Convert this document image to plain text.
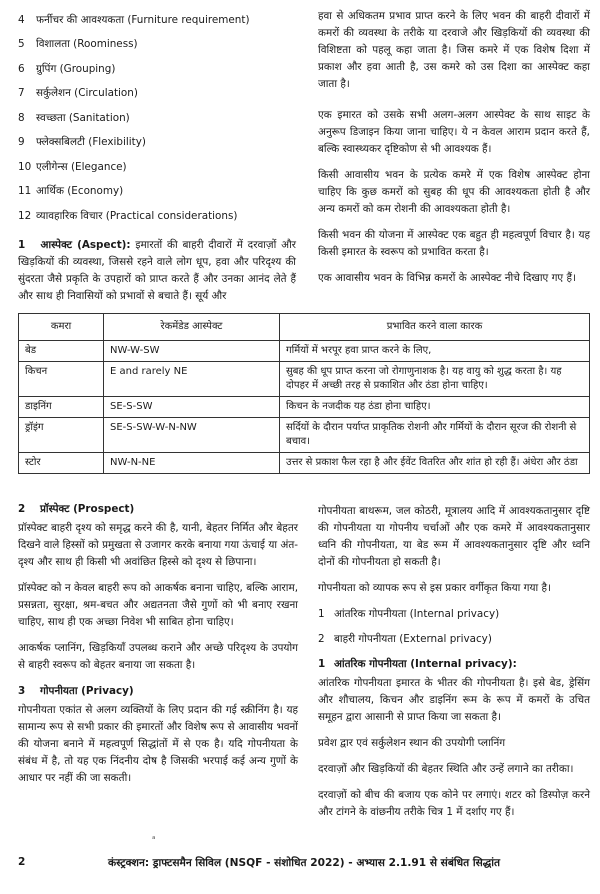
4	फर्नीचर की आवश्यकता (Furniture requirement)
5	विशालता (Roominess)
6	ग्रुपिंग (Grouping)
7	सर्कुलेशन (Circulation)
8	स्वच्छता (Sanitation)
9	फ्लेक्सबिलटी (Flexibility)
10 एलीगेन्स (Elegance)
11 आर्थिक (Economy)
12 व्यावहारिक विचार (Practical considerations)

1 आस्पेक्ट (Aspect): इमारतों की बाहरी दीवारों में दरवाज़ों और खिड़कियों की व्यवस्था, जिससे रहने वाले लोग धूप, हवा और परिदृश्य की सुंदरता जैसे प्रकृति के उपहारों को प्राप्त करते हैं और उनका आनंद लेते हैं और साथ ही निवासियों को प्रभावों से बचाते हैं। सूर्य और

हवा से अधिकतम प्रभाव प्राप्त करने के लिए भवन की बाहरी दीवारों में कमरों की व्यवस्था के तरीके या दरवाजे और खिड़कियों की व्यवस्था की विशिष्टता को पहलू कहा जाता है। जिस कमरे में एक विशेष दिशा में प्रकाश और हवा आती है, उस कमरे को उस दिशा का आस्पेक्ट कहा जाता है।

एक इमारत को उसके सभी अलग-अलग आस्पेक्ट के साथ साइट के अनुरूप डिजाइन किया जाना चाहिए। ये न केवल आराम प्रदान करते हैं, बल्कि स्वास्थ्यकर दृष्टिकोण से भी आवश्यक हैं।

किसी आवासीय भवन के प्रत्येक कमरे में एक विशेष आस्पेक्ट होना चाहिए कि कुछ कमरों को सुबह की धूप की आवश्यकता होती है और अन्य कमरों को कम रोशनी की आवश्यकता होती है।

किसी भवन की योजना में आस्पेक्ट एक बहुत ही महत्वपूर्ण विचार है। यह किसी इमारत के स्वरूप को प्रभावित करता है।

एक आवासीय भवन के विभिन्न कमरों के आस्पेक्ट नीचे दिखाए गए हैं।

कमरा	रेकमेंडेड आस्पेक्ट	प्रभावित करने वाला कारक
बेड	NW-W-SW	गर्मियों में भरपूर हवा प्राप्त करने के लिए,
किचन	E and rarely NE	सुबह की धूप प्राप्त करना जो रोगाणुनाशक है। यह वायु को शुद्ध करता है। यह दोपहर में अच्छी तरह से प्रकाशित और ठंडा होना चाहिए।
डाइनिंग	SE-S-SW	किचन के नजदीक यह ठंडा होना चाहिए।
ड्रॉइंग	SE-S-SW-W-N-NW	सर्दियों के दौरान पर्याप्त प्राकृतिक रोशनी और गर्मियों के दौरान सूरज की रोशनी से बचाव।
स्टोर	NW-N-NE	उत्तर से प्रकाश फैल रहा है और ईवेंट वितरित और शांत हो रही हैं। अंधेरा और ठंडा
2	प्रॉस्पेक्ट (Prospect)

प्रॉस्पेक्ट बाहरी दृश्य को समृद्ध करने की है, यानी, बेहतर निर्मित और बेहतर दिखने वाले हिस्सों को प्रमुखता से उजागर करके बनाया गया ऊंचाई या अंत-दृश्य और साथ ही किसी भी अवांछित हिस्से को दृश्य से छिपाना।

प्रॉस्पेक्ट को न केवल बाहरी रूप को आकर्षक बनाना चाहिए, बल्कि आराम, प्रसन्नता, सुरक्षा, श्रम-बचत और अद्यतनता जैसे गुणों को भी बनाए रखना चाहिए, साथ ही एक अच्छा निवेश भी साबित होना चाहिए।

आकर्षक प्लानिंग, खिड़कियाँ उपलब्ध कराने और अच्छे परिदृश्य के उपयोग से बाहरी स्वरूप को बेहतर बनाया जा सकता है।

3	गोपनीयता (Privacy)

गोपनीयता एकांत से अलग व्यक्तियों के लिए प्रदान की गई स्क्रीनिंग है। यह सामान्य रूप से सभी प्रकार की इमारतों और विशेष रूप से आवासीय भवनों की योजना बनाने में महत्वपूर्ण सिद्धांतों में से एक है। यदि गोपनीयता के संबंध में है, तो यह एक निंदनीय दोष है जिसकी भरपाई कई अन्य गुणों के आधार पर नहीं की जा सकती।

गोपनीयता बाथरूम, जल कोठरी, मूत्रालय आदि में आवश्यकतानुसार दृष्टि की गोपनीयता या गोपनीय चर्चाओं और एक कमरे में आवश्यकतानुसार ध्वनि की गोपनीयता, या बेड रूम में आवश्यकतानुसार दृष्टि और ध्वनि दोनों की गोपनीयता हो सकती है।

गोपनीयता को व्यापक रूप से इस प्रकार वर्गीकृत किया गया है।

1 आंतरिक गोपनीयता (Internal privacy)
2 बाहरी गोपनीयता (External privacy)
1 आंतरिक गोपनीयता (Internal privacy):

आंतरिक गोपनीयता इमारत के भीतर की गोपनीयता है। इसे बेड, ड्रेसिंग और शौचालय, किचन और डाइनिंग रूम के रूप में कमरों के उचित समूहन द्वारा आसानी से प्राप्त किया जा सकता है।

प्रवेश द्वार एवं सर्कुलेशन स्थान की उपयोगी प्लानिंग

दरवाज़ों और खिड़कियों की बेहतर स्थिति और उन्हें लगाने का तरीका।

दरवाज़ों को बीच की बजाय एक कोने पर लगाएं। शटर को डिस्पोज़ करने और टांगने के वांछनीय तरीके चित्र 1 में दर्शाए गए हैं।

ᵃ
2	कंस्ट्रक्शन: ड्राफ्टसमैन सिविल (NSQF - संशोधित 2022) - अभ्यास 2.1.91 से संबंधित सिद्धांत
